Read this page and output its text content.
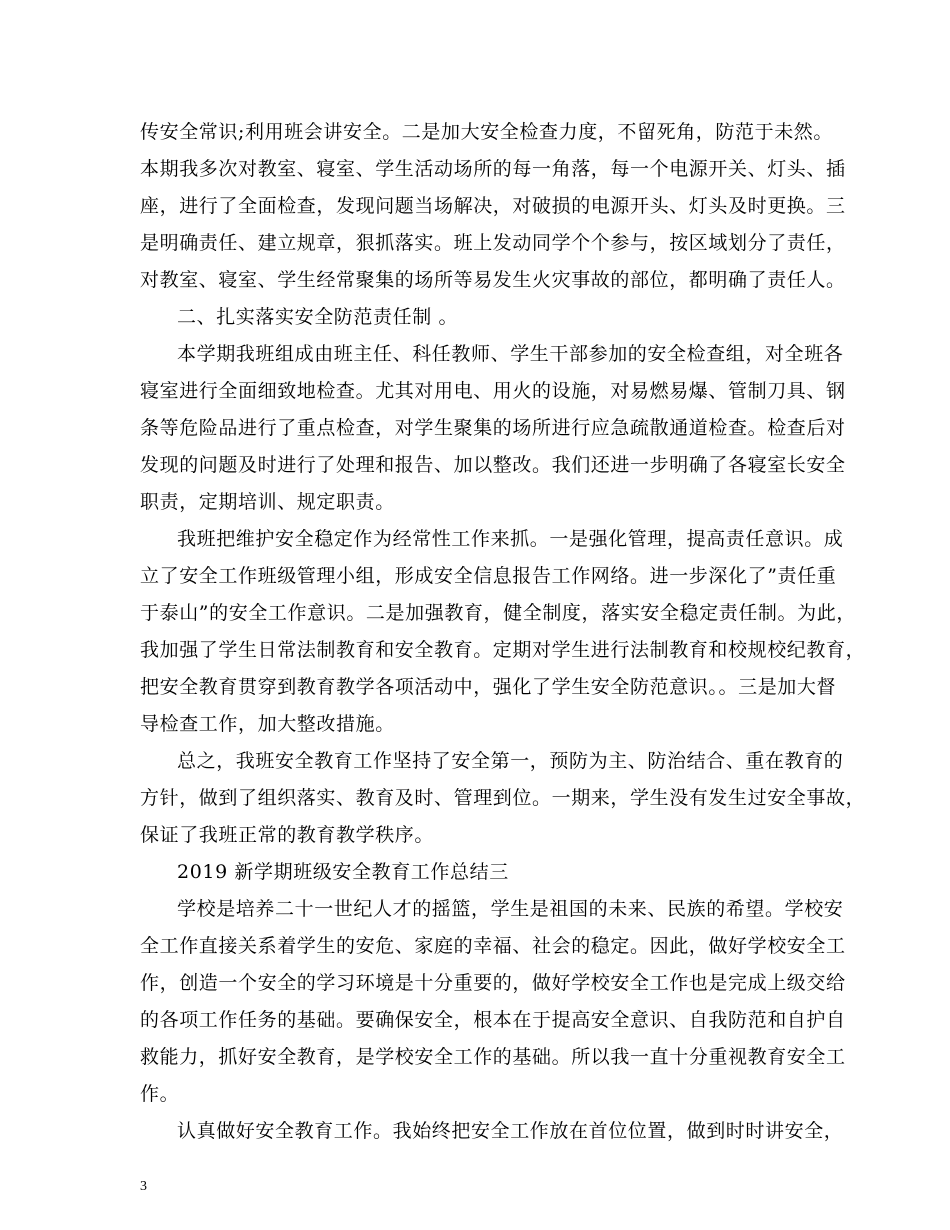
传安全常识;利用班会讲安全。二是加大安全检查力度，不留死角，防范于未然。
本期我多次对教室、寝室、学生活动场所的每一角落，每一个电源开关、灯头、插
座，进行了全面检查，发现问题当场解决，对破损的电源开头、灯头及时更换。三
是明确责任、建立规章，狠抓落实。班上发动同学个个参与，按区域划分了责任，
对教室、寝室、学生经常聚集的场所等易发生火灾事故的部位，都明确了责任人。
二、扎实落实安全防范责任制 。
本学期我班组成由班主任、科任教师、学生干部参加的安全检查组，对全班各
寝室进行全面细致地检查。尤其对用电、用火的设施，对易燃易爆、管制刀具、钢
条等危险品进行了重点检查，对学生聚集的场所进行应急疏散通道检查。检查后对
发现的问题及时进行了处理和报告、加以整改。我们还进一步明确了各寝室长安全
职责，定期培训、规定职责。
我班把维护安全稳定作为经常性工作来抓。一是强化管理，提高责任意识。成
立了安全工作班级管理小组，形成安全信息报告工作网络。进一步深化了”责任重
于泰山”的安全工作意识。二是加强教育，健全制度，落实安全稳定责任制。为此，
我加强了学生日常法制教育和安全教育。定期对学生进行法制教育和校规校纪教育，
把安全教育贯穿到教育教学各项活动中，强化了学生安全防范意识。。三是加大督
导检查工作，加大整改措施。
总之，我班安全教育工作坚持了安全第一，预防为主、防治结合、重在教育的
方针，做到了组织落实、教育及时、管理到位。一期来，学生没有发生过安全事故，
保证了我班正常的教育教学秩序。
2019 新学期班级安全教育工作总结三
学校是培养二十一世纪人才的摇篮，学生是祖国的未来、民族的希望。学校安
全工作直接关系着学生的安危、家庭的幸福、社会的稳定。因此，做好学校安全工
作，创造一个安全的学习环境是十分重要的，做好学校安全工作也是完成上级交给
的各项工作任务的基础。要确保安全，根本在于提高安全意识、自我防范和自护自
救能力，抓好安全教育，是学校安全工作的基础。所以我一直十分重视教育安全工
作。
认真做好安全教育工作。我始终把安全工作放在首位位置，做到时时讲安全，
3
